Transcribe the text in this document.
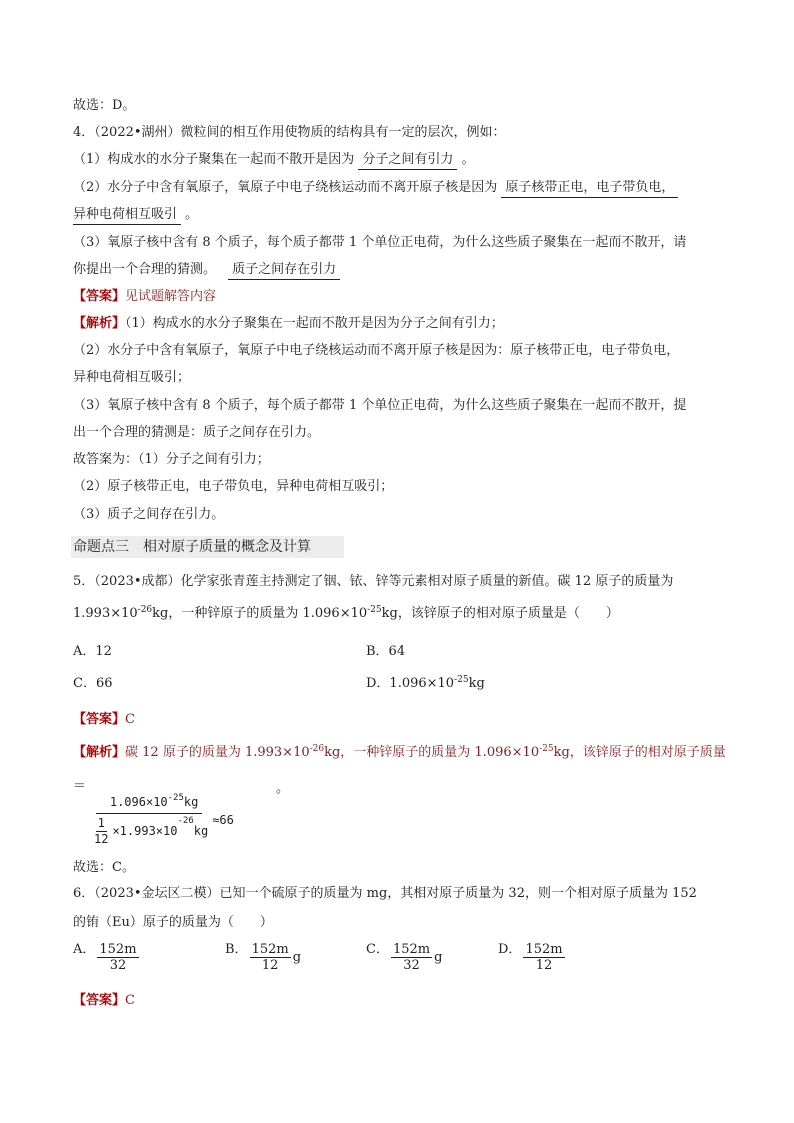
故选：D。
4．（2022•湖州）微粒间的相互作用使物质的结构具有一定的层次，例如：
（1）构成水的水分子聚集在一起而不散开是因为 分子之间有引力 。
（2）水分子中含有氧原子，氧原子中电子绕核运动而不离开原子核是因为 原子核带正电，电子带负电，
异种电荷相互吸引 。
（3）氧原子核中含有 8 个质子，每个质子都带 1 个单位正电荷，为什么这些质子聚集在一起而不散开，请
你提出一个合理的猜测。 质子之间存在引力
【答案】见试题解答内容
【解析】（1）构成水的水分子聚集在一起而不散开是因为分子之间有引力；
（2）水分子中含有氧原子，氧原子中电子绕核运动而不离开原子核是因为：原子核带正电，电子带负电，
异种电荷相互吸引；
（3）氧原子核中含有 8 个质子，每个质子都带 1 个单位正电荷，为什么这些质子聚集在一起而不散开，提
出一个合理的猜测是：质子之间存在引力。
故答案为：（1）分子之间有引力；
（2）原子核带正电，电子带负电，异种电荷相互吸引；
（3）质子之间存在引力。
命题点三　相对原子质量的概念及计算
5．（2023•成都）化学家张青莲主持测定了铟、铱、锌等元素相对原子质量的新值。碳 12 原子的质量为
$1.993\times 10^{-26}kg$，一种锌原子的质量为 $1.096\times 10^{-25}kg$，该锌原子的相对原子质量是（　　）
A．12	B．64
C．66	D．$1.096\times 10^{-25}kg$
【答案】C
【解析】碳 12 原子的质量为 $1.993\times 10^{-26}kg$，一种锌原子的质量为 $1.096\times 10^{-25}kg$，该锌原子的相对原子质量
＝	。
$\frac{1.096\times 10^{-25}kg}{\frac{1}{12} \times 1.993\times 10^{-26}kg} \approx 66$
故选：C。
6．（2023•金坛区二模）已知一个硫原子的质量为 mg，其相对原子质量为 32，则一个相对原子质量为 152
的铕（Eu）原子的质量为（　　）
A． $\frac{152m}{32}$	B． $\frac{152m}{12}$ g
C． $\frac{152m}{32}$ g
D． $\frac{152m}{12}$
【答案】C
